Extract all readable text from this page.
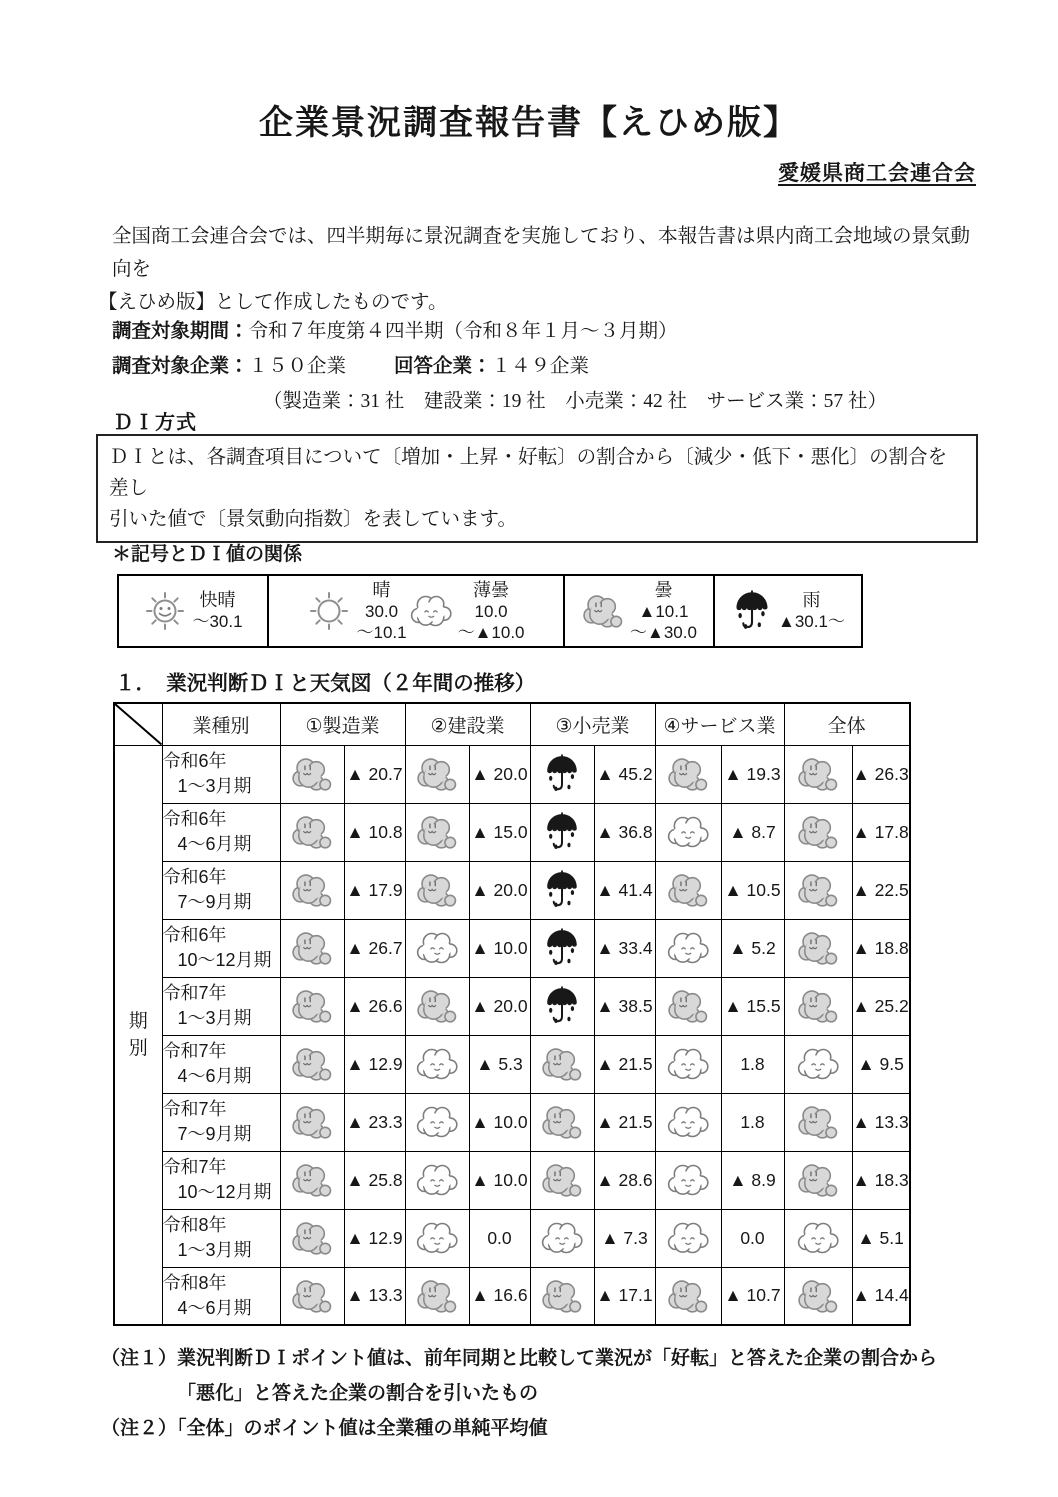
企業景況調査報告書【えひめ版】
愛媛県商工会連合会
全国商工会連合会では、四半期毎に景況調査を実施しており、本報告書は県内商工会地域の景気動向を
【えひめ版】として作成したものです。
調査対象期間：令和７年度第４四半期（令和８年１月～３月期）
調査対象企業：１５０企業 回答企業：１４９企業
（製造業：31 社　建設業：19 社　小売業：42 社　サービス業：57 社）
ＤＩ方式
ＤＩとは、各調査項目について〔増加・上昇・好転〕の割合から〔減少・低下・悪化〕の割合を差し
引いた値で〔景気動向指数〕を表しています。
＊記号とＤＩ値の関係
快晴
～30.1
晴
30.0
～10.1
薄曇
10.0
～▲10.0
曇
▲10.1
～▲30.0
雨
▲30.1～
１．　業況判断ＤＩと天気図（２年間の推移）
	業種別	①製造業		②建設業		③小売業		④サービス業		全体	

期別	令和6年
1～3月期		▲ 20.7		▲ 20.0		▲ 45.2		▲ 19.3		▲ 26.3

	令和6年
4～6月期		▲ 10.8		▲ 15.0		▲ 36.8		▲ 8.7		▲ 17.8

	令和6年
7～9月期		▲ 17.9		▲ 20.0		▲ 41.4		▲ 10.5		▲ 22.5

	令和6年
10～12月期		▲ 26.7		▲ 10.0		▲ 33.4		▲ 5.2		▲ 18.8

	令和7年
1～3月期		▲ 26.6		▲ 20.0		▲ 38.5		▲ 15.5		▲ 25.2

	令和7年
4～6月期		▲ 12.9		▲ 5.3		▲ 21.5		1.8		▲ 9.5

	令和7年
7～9月期		▲ 23.3		▲ 10.0		▲ 21.5		1.8		▲ 13.3

	令和7年
10～12月期		▲ 25.8		▲ 10.0		▲ 28.6		▲ 8.9		▲ 18.3

	令和8年
1～3月期		▲ 12.9		0.0		▲ 7.3		0.0		▲ 5.1

	令和8年
4～6月期		▲ 13.3		▲ 16.6		▲ 17.1		▲ 10.7		▲ 14.4
（注１）業況判断ＤＩポイント値は、前年同期と比較して業況が「好転」と答えた企業の割合から
「悪化」と答えた企業の割合を引いたもの
（注２）「全体」のポイント値は全業種の単純平均値
